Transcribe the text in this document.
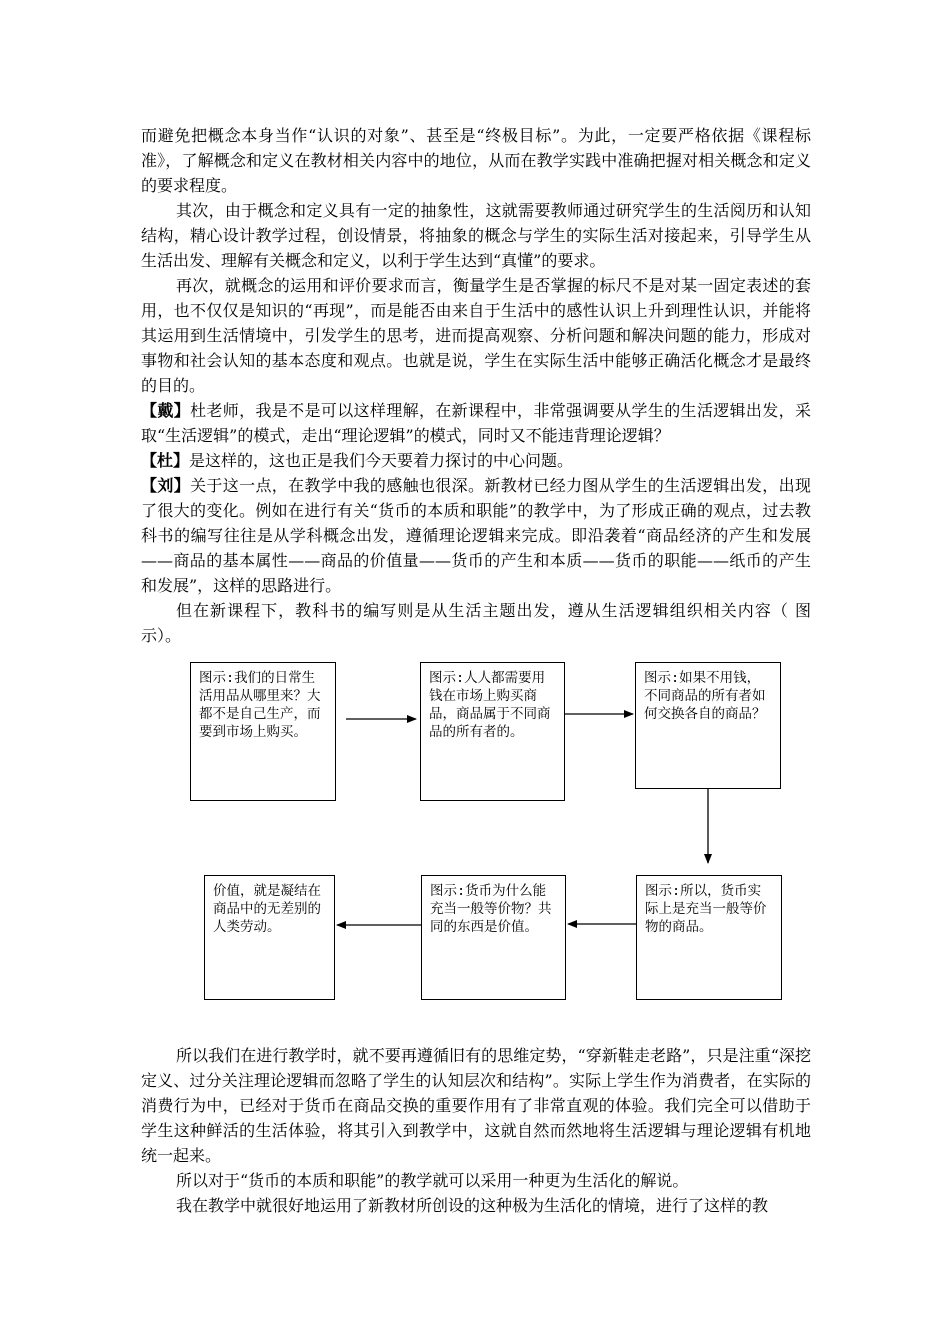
而避免把概念本身当作“认识的对象”、甚至是“终极目标”。为此，一定要严格依据《课程标准》，了解概念和定义在教材相关内容中的地位，从而在教学实践中准确把握对相关概念和定义的要求程度。

其次，由于概念和定义具有一定的抽象性，这就需要教师通过研究学生的生活阅历和认知结构，精心设计教学过程，创设情景，将抽象的概念与学生的实际生活对接起来，引导学生从生活出发、理解有关概念和定义，以利于学生达到“真懂”的要求。

再次，就概念的运用和评价要求而言，衡量学生是否掌握的标尺不是对某一固定表述的套用，也不仅仅是知识的“再现”，而是能否由来自于生活中的感性认识上升到理性认识，并能将其运用到生活情境中，引发学生的思考，进而提高观察、分析问题和解决问题的能力，形成对事物和社会认知的基本态度和观点。也就是说，学生在实际生活中能够正确活化概念才是最终的目的。

【戴】杜老师，我是不是可以这样理解，在新课程中，非常强调要从学生的生活逻辑出发，采取“生活逻辑”的模式，走出“理论逻辑”的模式，同时又不能违背理论逻辑？

【杜】是这样的，这也正是我们今天要着力探讨的中心问题。

【刘】关于这一点，在教学中我的感触也很深。新教材已经力图从学生的生活逻辑出发，出现了很大的变化。例如在进行有关“货币的本质和职能”的教学中，为了形成正确的观点，过去教科书的编写往往是从学科概念出发，遵循理论逻辑来完成。即沿袭着“商品经济的产生和发展——商品的基本属性——商品的价值量——货币的产生和本质——货币的职能——纸币的产生和发展”，这样的思路进行。

但在新课程下，教科书的编写则是从生活主题出发，遵从生活逻辑组织相关内容（ 图示）。

图示:我们的日常生活用品从哪里来？大都不是自己生产，而要到市场上购买。
图示:人人都需要用钱在市场上购买商品，商品属于不同商品的所有者的。
图示:如果不用钱，不同商品的所有者如何交换各自的商品？
图示:所以，货币实际上是充当一般等价物的商品。
图示:货币为什么能充当一般等价物？共同的东西是价值。
价值，就是凝结在商品中的无差别的人类劳动。

所以我们在进行教学时，就不要再遵循旧有的思维定势，“穿新鞋走老路”，只是注重“深挖定义、过分关注理论逻辑而忽略了学生的认知层次和结构”。实际上学生作为消费者，在实际的消费行为中，已经对于货币在商品交换的重要作用有了非常直观的体验。我们完全可以借助于学生这种鲜活的生活体验，将其引入到教学中，这就自然而然地将生活逻辑与理论逻辑有机地统一起来。

所以对于“货币的本质和职能”的教学就可以采用一种更为生活化的解说。

我在教学中就很好地运用了新教材所创设的这种极为生活化的情境，进行了这样的教
